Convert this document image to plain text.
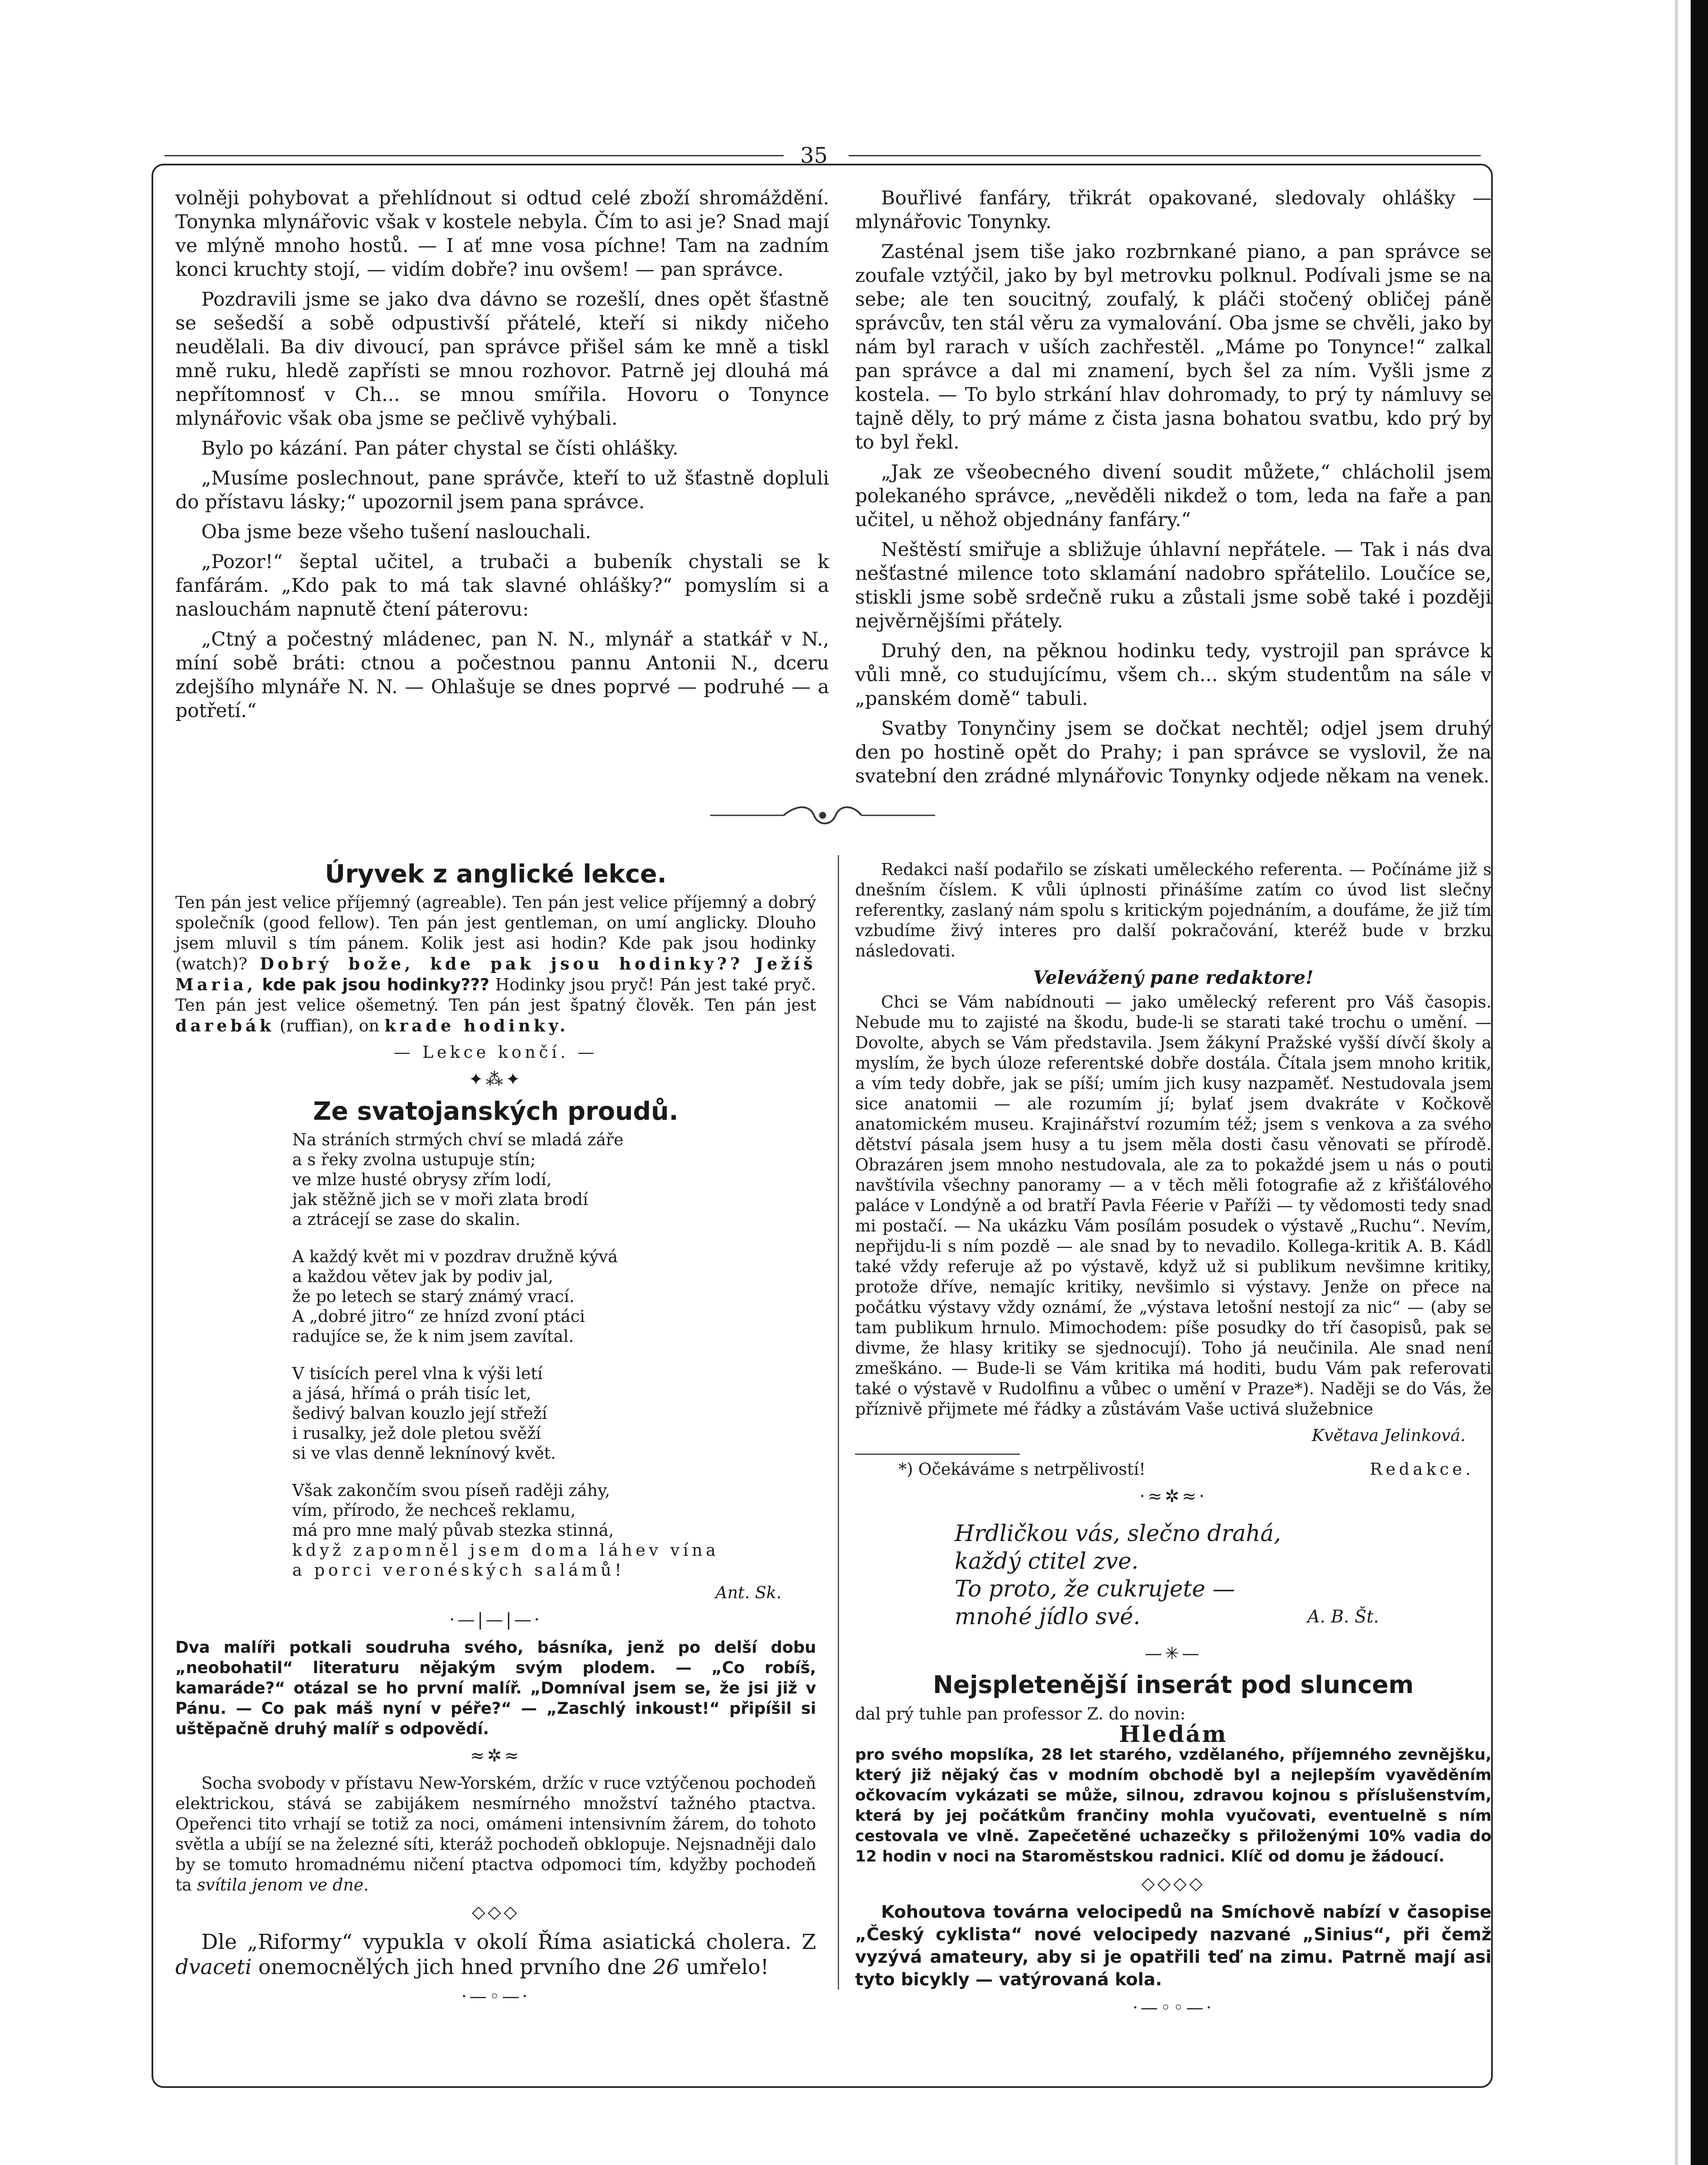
35

volněji pohybovat a přehlídnout si odtud celé zboží shromáždění. Tonynka mlynářovic však v kostele nebyla. Čím to asi je? Snad mají ve mlýně mnoho hostů. — I ať mne vosa píchne! Tam na zadním konci kruchty stojí, — vidím dobře? inu ovšem! — pan správce.

Pozdravili jsme se jako dva dávno se rozešlí, dnes opět šťastně se sešedší a sobě odpustivší přátelé, kteří si nikdy ničeho neudělali. Ba div divoucí, pan správce přišel sám ke mně a tiskl mně ruku, hledě zapřísti se mnou rozhovor. Patrně jej dlouhá má nepřítomnosť v Ch... se mnou smířila. Hovoru o Tonynce mlynářovic však oba jsme se pečlivě vyhýbali.

Bylo po kázání. Pan páter chystal se čísti ohlášky.

„Musíme poslechnout, pane správče, kteří to už šťastně dopluli do přístavu lásky;“ upozornil jsem pana správce.

Oba jsme beze všeho tušení naslouchali.

„Pozor!“ šeptal učitel, a trubači a bubeník chystali se k fanfárám. „Kdo pak to má tak slavné ohlášky?“ pomyslím si a naslouchám napnutě čtení páterovu:

„Ctný a počestný mládenec, pan N. N., mlynář a statkář v N., míní sobě bráti: ctnou a počestnou pannu Antonii N., dceru zdejšího mlynáře N. N. — Ohlašuje se dnes poprvé — podruhé — a potřetí.“

Bouřlivé fanfáry, třikrát opakované, sledovaly ohlášky — mlynářovic Tonynky.

Zasténal jsem tiše jako rozbrnkané piano, a pan správce se zoufale vztýčil, jako by byl metrovku polknul. Podívali jsme se na sebe; ale ten soucitný, zoufalý, k pláči stočený obličej páně správcův, ten stál věru za vymalování. Oba jsme se chvěli, jako by nám byl rarach v uších zachřestěl. „Máme po Tonynce!“ zalkal pan správce a dal mi znamení, bych šel za ním. Vyšli jsme z kostela. — To bylo strkání hlav dohromady, to prý ty námluvy se tajně děly, to prý máme z čista jasna bohatou svatbu, kdo prý by to byl řekl.

„Jak ze všeobecného divení soudit můžete,“ chlácholil jsem polekaného správce, „nevěděli nikdež o tom, leda na faře a pan učitel, u něhož objednány fanfáry.“

Neštěstí smiřuje a sbližuje úhlavní nepřátele. — Tak i nás dva nešťastné milence toto sklamání nadobro spřátelilo. Loučíce se, stiskli jsme sobě srdečně ruku a zůstali jsme sobě také i později nejvěrnějšími přátely.

Druhý den, na pěknou hodinku tedy, vystrojil pan správce k vůli mně, co studujícímu, všem ch... ským studentům na sále v „panském domě“ tabuli.

Svatby Tonynčiny jsem se dočkat nechtěl; odjel jsem druhý den po hostině opět do Prahy; i pan správce se vyslovil, že na svatební den zrádné mlynářovic Tonynky odjede někam na venek.

Úryvek z anglické lekce.

Ten pán jest velice příjemný (agreable). Ten pán jest velice příjemný a dobrý společník (good fellow). Ten pán jest gentleman, on umí anglicky. Dlouho jsem mluvil s tím pánem. Kolik jest asi hodin? Kde pak jsou hodinky (watch)? Dobrý bože, kde pak jsou hodinky?? Ježíš Maria, kde pak jsou hodinky??? Hodinky jsou pryč! Pán jest také pryč. Ten pán jest velice ošemetný. Ten pán jest špatný člověk. Ten pán jest darebák (ruffian), on krade hodinky.

— Lekce končí. —
✦⁂✦
Ze svatojanských proudů.
Na stráních strmých chví se mladá záře
a s řeky zvolna ustupuje stín;
ve mlze husté obrysy zřím lodí,
jak stěžně jich se v moři zlata brodí
a ztrácejí se zase do skalin.
A každý květ mi v pozdrav družně kývá
a každou větev jak by podiv jal,
že po letech se starý známý vrací.
A „dobré jitro“ ze hnízd zvoní ptáci
radujíce se, že k nim jsem zavítal.
V tisících perel vlna k výši letí
a jásá, hřímá o práh tisíc let,
šedivý balvan kouzlo její střeží
i rusalky, jež dole pletou svěží
si ve vlas denně leknínový květ.
Však zakončím svou píseň raději záhy,
vím, přírodo, že nechceš reklamu,
má pro mne malý půvab stezka stinná,
když zapomněl jsem doma láhev vína
a porci veronéských salámů!
Ant. Sk.
·—|—|—·

Dva malíři potkali soudruha svého, básníka, jenž po delší dobu „neobohatil“ literaturu nějakým svým plodem. — „Co robíš, kamaráde?“ otázal se ho první malíř. „Domníval jsem se, že jsi již v Pánu. — Co pak máš nyní v péře?“ — „Zaschlý inkoust!“ připíšil si uštěpačně druhý malíř s odpovědí.

≈✲≈

Socha svobody v přístavu New-Yorském, držíc v ruce vztýčenou pochodeň elektrickou, stává se zabijákem nesmírného množství tažného ptactva. Opeřenci tito vrhají se totiž za noci, omámeni intensivním žárem, do tohoto světla a ubíjí se na železné síti, kteráž pochodeň obklopuje. Nejsnadněji dalo by se tomuto hromadnému ničení ptactva odpomoci tím, kdyžby pochodeň ta svítila jenom ve dne.

◇◇◇

Dle „Riformy“ vypukla v okolí Říma asiatická cholera. Z dvaceti onemocnělých jich hned prvního dne 26 umřelo!

·—◦—·

Redakci naší podařilo se získati uměleckého referenta. — Počínáme již s dnešním číslem. K vůli úplnosti přinášíme zatím co úvod list slečny referentky, zaslaný nám spolu s kritickým pojednáním, a doufáme, že již tím vzbudíme živý interes pro další pokračování, kteréž bude v brzku následovati.

Velevážený pane redaktore!

Chci se Vám nabídnouti — jako umělecký referent pro Váš časopis. Nebude mu to zajisté na škodu, bude-li se starati také trochu o umění. — Dovolte, abych se Vám představila. Jsem žákyní Pražské vyšší dívčí školy a myslím, že bych úloze referentské dobře dostála. Čítala jsem mnoho kritik, a vím tedy dobře, jak se píší; umím jich kusy nazpaměť. Nestudovala jsem sice anatomii — ale rozumím jí; bylať jsem dvakráte v Kočkově anatomickém museu. Krajinářství rozumím též; jsem s venkova a za svého dětství pásala jsem husy a tu jsem měla dosti času věnovati se přírodě. Obrazáren jsem mnoho nestudovala, ale za to pokaždé jsem u nás o pouti navštívila všechny panoramy — a v těch měli fotografie až z křišťálového paláce v Londýně a od bratří Pavla Féerie v Paříži — ty vědomosti tedy snad mi postačí. — Na ukázku Vám posílám posudek o výstavě „Ruchu“. Nevím, nepřijdu-li s ním pozdě — ale snad by to nevadilo. Kollega-kritik A. B. Kádl také vždy referuje až po výstavě, když už si publikum nevšimne kritiky, protože dříve, nemajíc kritiky, nevšimlo si výstavy. Jenže on přece na počátku výstavy vždy oznámí, že „výstava letošní nestojí za nic“ — (aby se tam publikum hrnulo. Mimochodem: píše posudky do tří časopisů, pak se divme, že hlasy kritiky se sjednocují). Toho já neučinila. Ale snad není zmeškáno. — Bude-li se Vám kritika má hoditi, budu Vám pak referovati také o výstavě v Rudolfinu a vůbec o umění v Praze*). Naději se do Vás, že příznivě přijmete mé řádky a zůstávám Vaše uctivá služebnice

Květava Jelinková.
*) Očekáváme s netrpělivostí!	Redakce.
·≈✲≈·
Hrdličkou vás, slečno drahá,
každý ctitel zve.
To proto, že cukrujete —
mnohé jídlo své.	A. B. Št.
—✳—
Nejspletenější inserát pod sluncem
dal prý tuhle pan professor Z. do novin:
Hledám

pro svého mopslíka, 28 let starého, vzdělaného, příjemného zevnějšku, který již nějaký čas v modním obchodě byl a nejlepším vyavěděním očkovacím vykázati se může, silnou, zdravou kojnou s příslušenstvím, která by jej počátkům frančiny mohla vyučovati, eventuelně s ním cestovala ve vlně. Zapečetěné uchazečky s přiloženými 10% vadia do 12 hodin v noci na Staroměstskou radnici. Klíč od domu je žádoucí.

◇◇◇◇

Kohoutova továrna velocipedů na Smíchově nabízí v časopise „Český cyklista“ nové velocipedy nazvané „Sinius“, při čemž vyzývá amateury, aby si je opatřili teď na zimu. Patrně mají asi tyto bicykly — vatýrovaná kola.

·—◦◦—·
